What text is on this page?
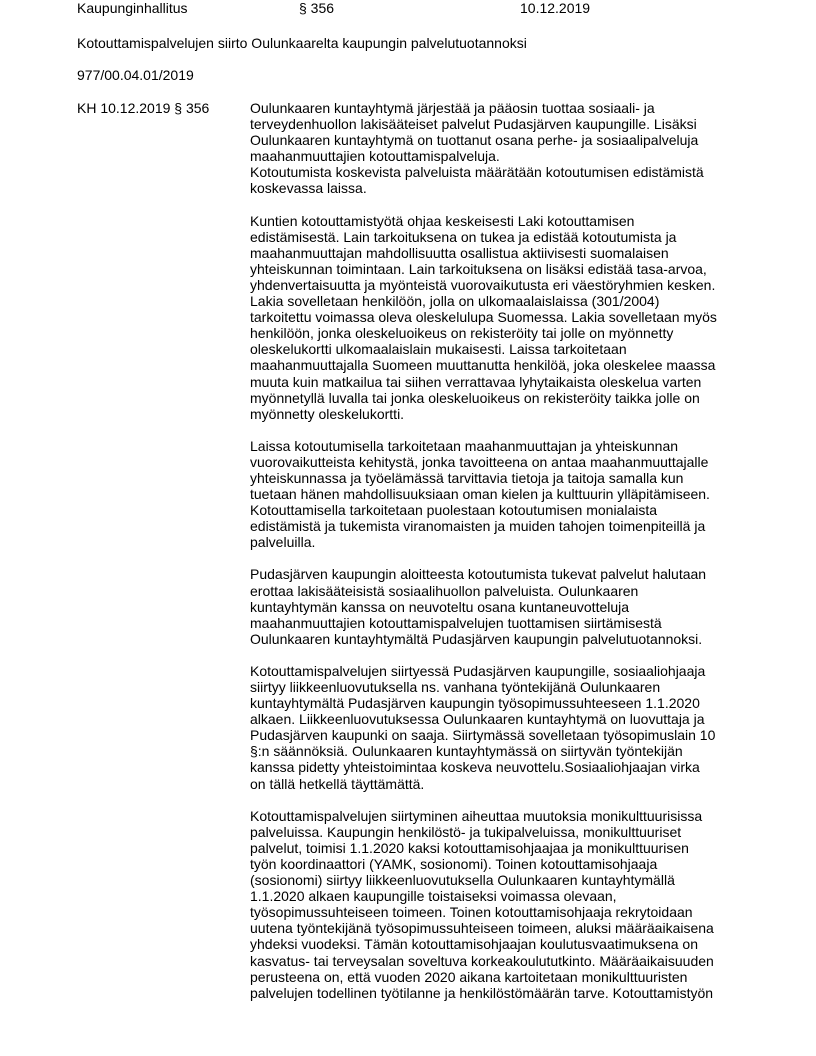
Kaupunginhallitus	§ 356	10.12.2019
Kotouttamispalvelujen siirto Oulunkaarelta kaupungin palvelutuotannoksi
977/00.04.01/2019
KH 10.12.2019 § 356	Oulunkaaren kuntayhtymä järjestää ja pääosin tuottaa sosiaali- ja
terveydenhuollon lakisääteiset palvelut Pudasjärven kaupungille. Lisäksi
Oulunkaaren kuntayhtymä on tuottanut osana perhe- ja sosiaalipalveluja
maahanmuuttajien kotouttamispalveluja.
Kotoutumista koskevista palveluista määrätään kotoutumisen edistämistä
koskevassa laissa.

Kuntien kotouttamistyötä ohjaa keskeisesti Laki kotouttamisen
edistämisestä. Lain tarkoituksena on tukea ja edistää kotoutumista ja
maahanmuuttajan mahdollisuutta osallistua aktiivisesti suomalaisen
yhteiskunnan toimintaan. Lain tarkoituksena on lisäksi edistää tasa-arvoa,
yhdenvertaisuutta ja myönteistä vuorovaikutusta eri väestöryhmien kesken.
Lakia sovelletaan henkilöön, jolla on ulkomaalaislaissa (301/2004)
tarkoitettu voimassa oleva oleskelulupa Suomessa. Lakia sovelletaan myös
henkilöön, jonka oleskeluoikeus on rekisteröity tai jolle on myönnetty
oleskelukortti ulkomaalaislain mukaisesti. Laissa tarkoitetaan
maahanmuuttajalla Suomeen muuttanutta henkilöä, joka oleskelee maassa
muuta kuin matkailua tai siihen verrattavaa lyhytaikaista oleskelua varten
myönnetyllä luvalla tai jonka oleskeluoikeus on rekisteröity taikka jolle on
myönnetty oleskelukortti.

Laissa kotoutumisella tarkoitetaan maahanmuuttajan ja yhteiskunnan
vuorovaikutteista kehitystä, jonka tavoitteena on antaa maahanmuuttajalle
yhteiskunnassa ja työelämässä tarvittavia tietoja ja taitoja samalla kun
tuetaan hänen mahdollisuuksiaan oman kielen ja kulttuurin ylläpitämiseen.
Kotouttamisella tarkoitetaan puolestaan kotoutumisen monialaista
edistämistä ja tukemista viranomaisten ja muiden tahojen toimenpiteillä ja
palveluilla.

Pudasjärven kaupungin aloitteesta kotoutumista tukevat palvelut halutaan
erottaa lakisääteisistä sosiaalihuollon palveluista. Oulunkaaren
kuntayhtymän kanssa on neuvoteltu osana kuntaneuvotteluja
maahanmuuttajien kotouttamispalvelujen tuottamisen siirtämisestä
Oulunkaaren kuntayhtymältä Pudasjärven kaupungin palvelutuotannoksi.

Kotouttamispalvelujen siirtyessä Pudasjärven kaupungille, sosiaaliohjaaja
siirtyy liikkeenluovutuksella ns. vanhana työntekijänä Oulunkaaren
kuntayhtymältä Pudasjärven kaupungin työsopimussuhteeseen 1.1.2020
alkaen. Liikkeenluovutuksessa Oulunkaaren kuntayhtymä on luovuttaja ja
Pudasjärven kaupunki on saaja. Siirtymässä sovelletaan työsopimuslain 10
§:n säännöksiä. Oulunkaaren kuntayhtymässä on siirtyvän työntekijän
kanssa pidetty yhteistoimintaa koskeva neuvottelu.Sosiaaliohjaajan virka
on tällä hetkellä täyttämättä.

Kotouttamispalvelujen siirtyminen aiheuttaa muutoksia monikulttuurisissa
palveluissa. Kaupungin henkilöstö- ja tukipalveluissa, monikulttuuriset
palvelut, toimisi 1.1.2020 kaksi kotouttamisohjaajaa ja monikulttuurisen
työn koordinaattori (YAMK, sosionomi). Toinen kotouttamisohjaaja
(sosionomi) siirtyy liikkeenluovutuksella Oulunkaaren kuntayhtymällä
1.1.2020 alkaen kaupungille toistaiseksi voimassa olevaan,
työsopimussuhteiseen toimeen. Toinen kotouttamisohjaaja rekrytoidaan
uutena työntekijänä työsopimussuhteiseen toimeen, aluksi määräaikaisena
yhdeksi vuodeksi. Tämän kotouttamisohjaajan koulutusvaatimuksena on
kasvatus- tai terveysalan soveltuva korkeakoulututkinto. Määräaikaisuuden
perusteena on, että vuoden 2020 aikana kartoitetaan monikulttuuristen
palvelujen todellinen työtilanne ja henkilöstömäärän tarve. Kotouttamistyön
